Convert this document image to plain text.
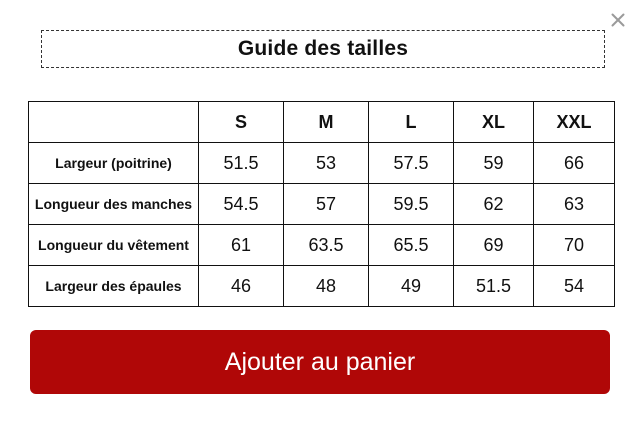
Guide des tailles
	S	M	L	XL	XXL
Largeur (poitrine)	51.5	53	57.5	59	66
Longueur des manches	54.5	57	59.5	62	63
Longueur du vêtement	61	63.5	65.5	69	70
Largeur des épaules	46	48	49	51.5	54
Ajouter au panier
